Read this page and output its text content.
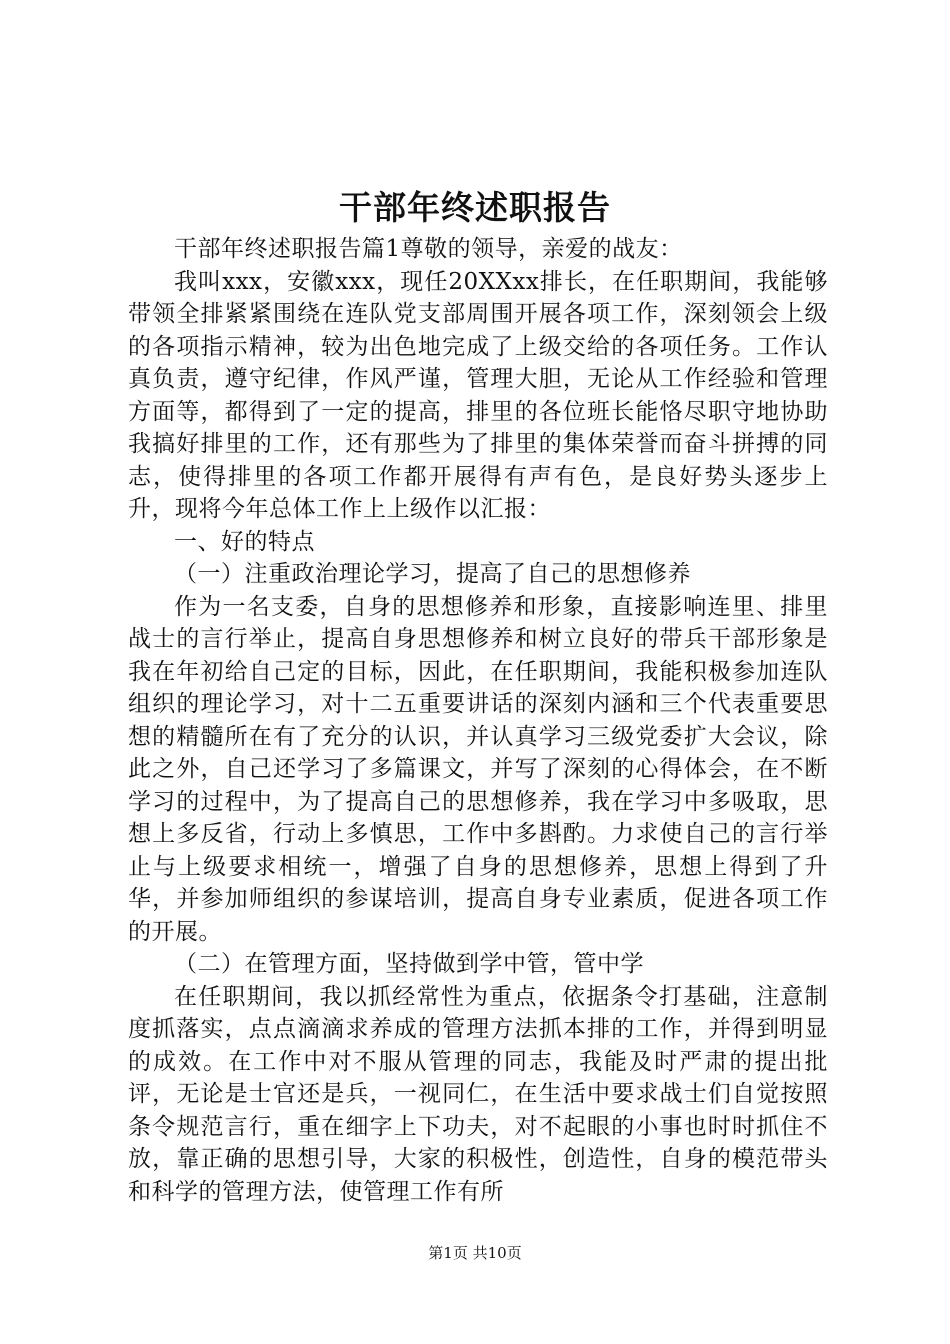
干部年终述职报告

干部年终述职报告篇1尊敬的领导，亲爱的战友：

我叫xxx，安徽xxx，现任20XXxx排长，在任职期间，我能够带领全排紧紧围绕在连队党支部周围开展各项工作，深刻领会上级的各项指示精神，较为出色地完成了上级交给的各项任务。工作认真负责，遵守纪律，作风严谨，管理大胆，无论从工作经验和管理方面等，都得到了一定的提高，排里的各位班长能恪尽职守地协助我搞好排里的工作，还有那些为了排里的集体荣誉而奋斗拼搏的同志，使得排里的各项工作都开展得有声有色，是良好势头逐步上升，现将今年总体工作上上级作以汇报：

一、好的特点

（一）注重政治理论学习，提高了自己的思想修养

作为一名支委，自身的思想修养和形象，直接影响连里、排里战士的言行举止，提高自身思想修养和树立良好的带兵干部形象是我在年初给自己定的目标，因此，在任职期间，我能积极参加连队组织的理论学习，对十二五重要讲话的深刻内涵和三个代表重要思想的精髓所在有了充分的认识，并认真学习三级党委扩大会议，除此之外，自己还学习了多篇课文，并写了深刻的心得体会，在不断学习的过程中，为了提高自己的思想修养，我在学习中多吸取，思想上多反省，行动上多慎思，工作中多斟酌。力求使自己的言行举止与上级要求相统一，增强了自身的思想修养，思想上得到了升华，并参加师组织的参谋培训，提高自身专业素质，促进各项工作的开展。

（二）在管理方面，坚持做到学中管，管中学

在任职期间，我以抓经常性为重点，依据条令打基础，注意制度抓落实，点点滴滴求养成的管理方法抓本排的工作，并得到明显的成效。在工作中对不服从管理的同志，我能及时严肃的提出批评，无论是士官还是兵，一视同仁，在生活中要求战士们自觉按照条令规范言行，重在细字上下功夫，对不起眼的小事也时时抓住不放，靠正确的思想引导，大家的积极性，创造性，自身的模范带头和科学的管理方法，使管理工作有所

第1页 共10页
